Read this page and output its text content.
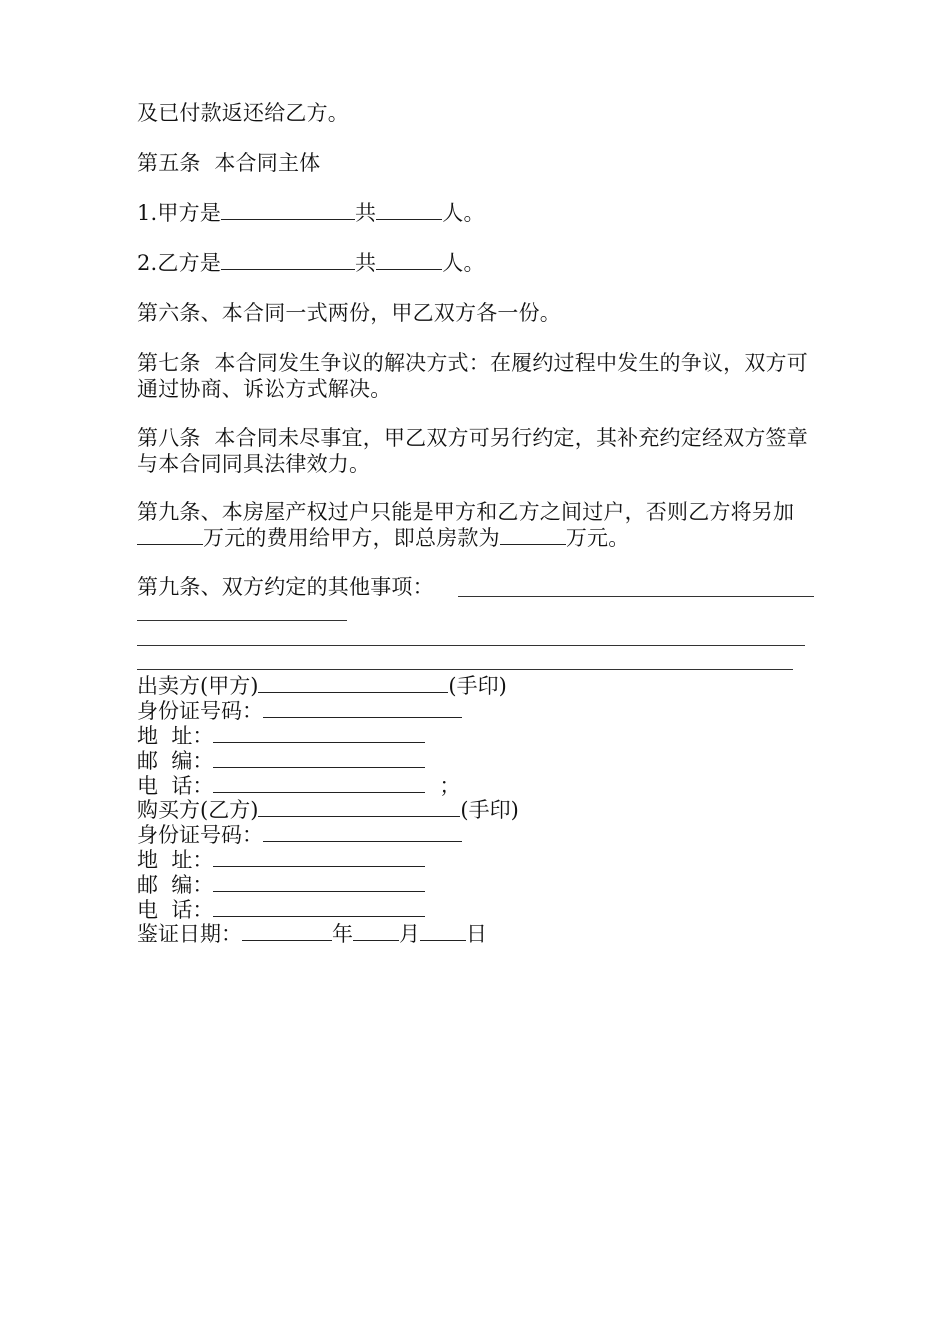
及已付款返还给乙方。
第五条  本合同主体
1.甲方是	共	人。
2.乙方是	共	人。
第六条、本合同一式两份，甲乙双方各一份。
第七条  本合同发生争议的解决方式：在履约过程中发生的争议，双方可通过协商、诉讼方式解决。
第八条  本合同未尽事宜，甲乙双方可另行约定，其补充约定经双方签章与本合同同具法律效力。
第九条、本房屋产权过户只能是甲方和乙方之间过户，否则乙方将另加万元的费用给甲方，即总房款为	万元。
第九条、双方约定的其他事项：
出卖方(甲方)	(手印)
身份证号码：
地  址：
邮  编：
电  话：	；
购买方(乙方)	(手印)
身份证号码：
地  址：
邮  编：
电  话：
鉴证日期：	年 月 日
